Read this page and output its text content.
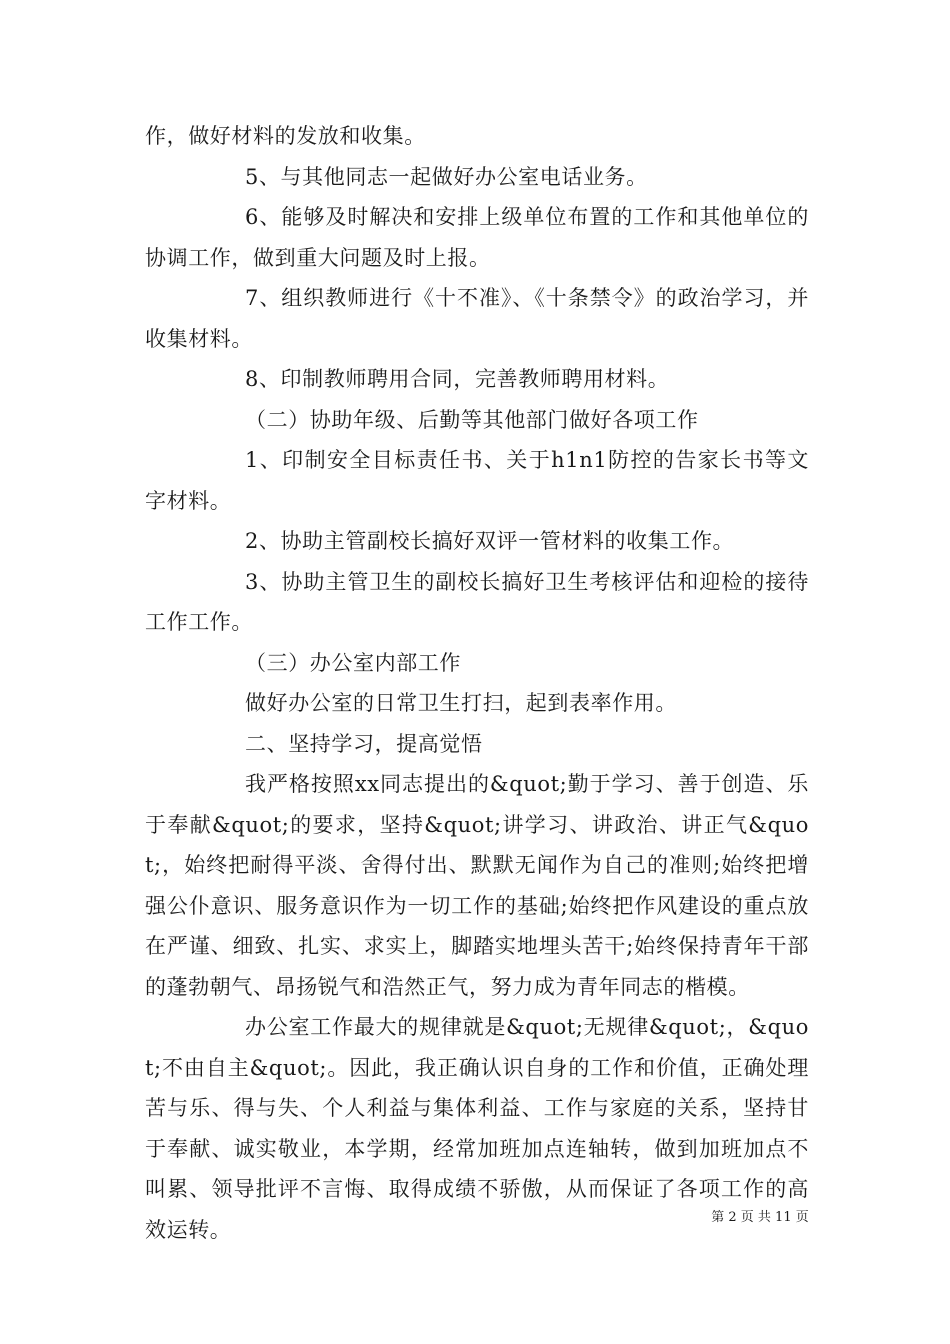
作，做好材料的发放和收集。

5、与其他同志一起做好办公室电话业务。

6、能够及时解决和安排上级单位布置的工作和其他单位的协调工作，做到重大问题及时上报。

7、组织教师进行《十不准》、《十条禁令》的政治学习，并收集材料。

8、印制教师聘用合同，完善教师聘用材料。

（二）协助年级、后勤等其他部门做好各项工作

1、印制安全目标责任书、关于h1n1防控的告家长书等文字材料。

2、协助主管副校长搞好双评一管材料的收集工作。

3、协助主管卫生的副校长搞好卫生考核评估和迎检的接待工作工作。

（三）办公室内部工作

做好办公室的日常卫生打扫，起到表率作用。

二、坚持学习，提高觉悟

我严格按照xx同志提出的&quot;勤于学习、善于创造、乐于奉献&quot;的要求，坚持&quot;讲学习、讲政治、讲正气&quot;，始终把耐得平淡、舍得付出、默默无闻作为自己的准则;始终把增强公仆意识、服务意识作为一切工作的基础;始终把作风建设的重点放在严谨、细致、扎实、求实上，脚踏实地埋头苦干;始终保持青年干部的蓬勃朝气、昂扬锐气和浩然正气，努力成为青年同志的楷模。

办公室工作最大的规律就是&quot;无规律&quot;，&quot;不由自主&quot;。因此，我正确认识自身的工作和价值，正确处理苦与乐、得与失、个人利益与集体利益、工作与家庭的关系，坚持甘于奉献、诚实敬业，本学期，经常加班加点连轴转，做到加班加点不叫累、领导批评不言悔、取得成绩不骄傲，从而保证了各项工作的高效运转。	第 2 页 共 11 页
